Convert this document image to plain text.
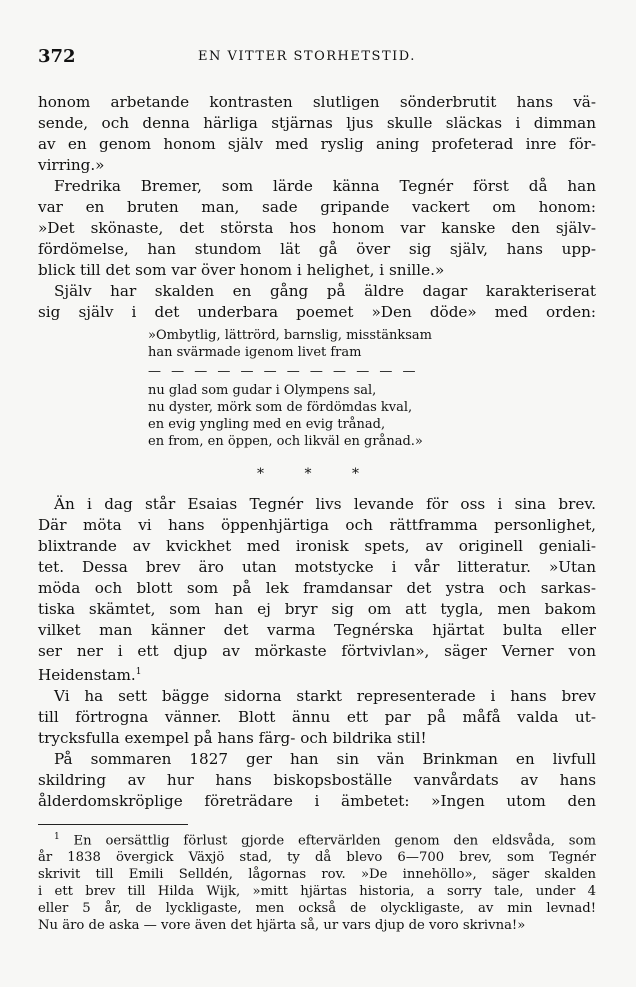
372	EN VITTER STORHETSTID.
honom arbetande kontrasten slutligen sönderbrutit hans vä-
sende, och denna härliga stjärnas ljus skulle släckas i dimman
av en genom honom själv med ryslig aning profeterad inre för-
virring.»
Fredrika Bremer, som lärde känna Tegnér först då han
var en bruten man, sade gripande vackert om honom:
»Det skönaste, det största hos honom var kanske den själv-
fördömelse, han stundom lät gå över sig själv, hans upp-
blick till det som var över honom i helighet, i snille.»
Själv har skalden en gång på äldre dagar karakteriserat
sig själv i det underbara poemet »Den döde» med orden:
»Ombytlig, lättrörd, barnslig, misstänksam
han svärmade igenom livet fram
— — — — — — — — — — — —
nu glad som gudar i Olympens sal,
nu dyster, mörk som de fördömdas kval,
en evig yngling med en evig trånad,
en from, en öppen, och likväl en grånad.»
* * *
Än i dag står Esaias Tegnér livs levande för oss i sina brev.
Där möta vi hans öppenhjärtiga och rättframma personlighet,
blixtrande av kvickhet med ironisk spets, av originell geniali-
tet. Dessa brev äro utan motstycke i vår litteratur. »Utan
möda och blott som på lek framdansar det ystra och sarkas-
tiska skämtet, som han ej bryr sig om att tygla, men bakom
vilket man känner det varma Tegnérska hjärtat bulta eller
ser ner i ett djup av mörkaste förtvivlan», säger Verner von
Heidenstam.$^1$
Vi ha sett bägge sidorna starkt representerade i hans brev
till förtrogna vänner. Blott ännu ett par på måfå valda ut-
trycksfulla exempel på hans färg- och bildrika stil!
På sommaren 1827 ger han sin vän Brinkman en livfull
skildring av hur hans biskopsboställe vanvårdats av hans
ålderdomskröplige företrädare i ämbetet: »Ingen utom den
$^1$ En oersättlig förlust gjorde eftervärlden genom den eldsvåda, som
år 1838 övergick Växjö stad, ty då blevo 6—700 brev, som Tegnér
skrivit till Emili Selldén, lågornas rov. »De innehöllo», säger skalden
i ett brev till Hilda Wijk, »mitt hjärtas historia, a sorry tale, under 4
eller 5 år, de lyckligaste, men också de olyckligaste, av min levnad!
Nu äro de aska — vore även det hjärta så, ur vars djup de voro skrivna!»
